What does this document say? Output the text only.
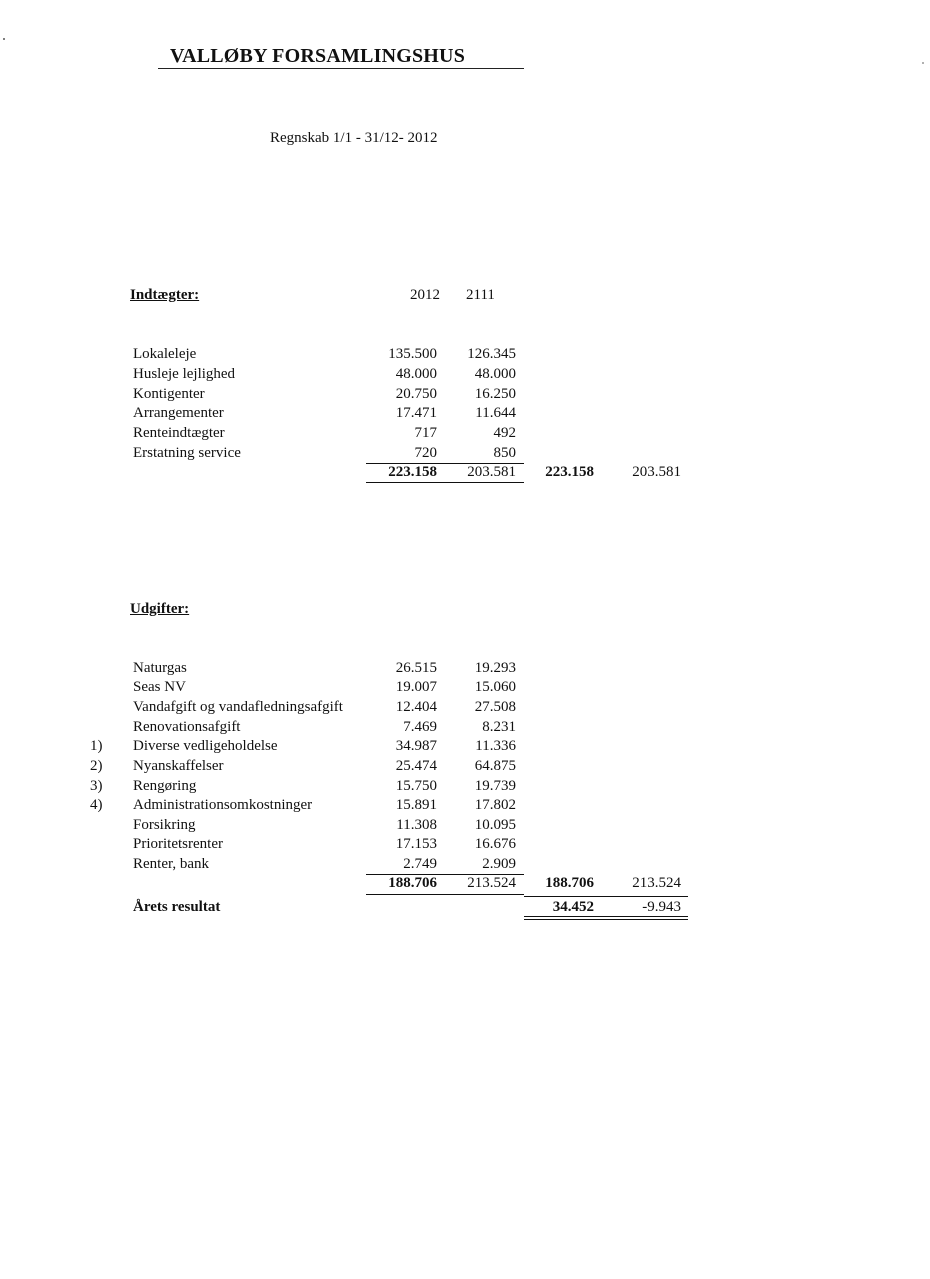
VALLØBY FORSAMLINGSHUS
Regnskab 1/1 - 31/12- 2012
Indtægter:	2012 2111
Lokaleleje	135.500	126.345
Husleje lejlighed	48.000	48.000
Kontigenter	20.750	16.250
Arrangementer	17.471	11.644
Renteindtægter	717	492
Erstatning service	720	850
223.158	203.581	223.158	203.581
Udgifter:
Naturgas	26.515	19.293
Seas NV	19.007	15.060
Vandafgift og vandafledningsafgift	12.404	27.508
Renovationsafgift	7.469	8.231
1) Diverse vedligeholdelse	34.987	11.336
2) Nyanskaffelser	25.474	64.875
3) Rengøring	15.750	19.739
4) Administrationsomkostninger	15.891	17.802
Forsikring	11.308	10.095
Prioritetsrenter	17.153	16.676
Renter, bank	2.749	2.909
188.706	213.524	188.706	213.524
Årets resultat	34.452	-9.943
